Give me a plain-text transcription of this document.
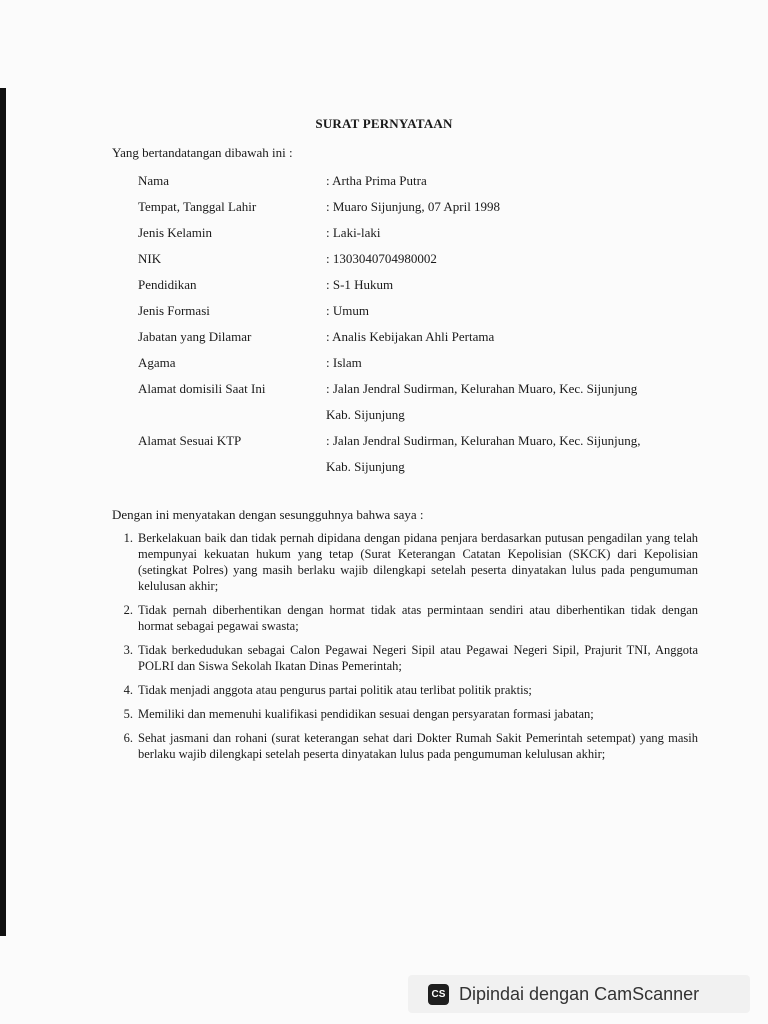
SURAT PERNYATAAN
Yang bertandatangan dibawah ini :
Nama	: Artha Prima Putra
Tempat, Tanggal Lahir	: Muaro Sijunjung, 07 April 1998
Jenis Kelamin	: Laki-laki
NIK	: 1303040704980002
Pendidikan	: S-1 Hukum
Jenis Formasi	: Umum
Jabatan yang Dilamar	: Analis Kebijakan Ahli Pertama
Agama	: Islam
Alamat domisili Saat Ini	: Jalan Jendral Sudirman, Kelurahan Muaro, Kec. Sijunjung
Kab. Sijunjung
Alamat Sesuai KTP	: Jalan Jendral Sudirman, Kelurahan Muaro, Kec. Sijunjung,
Kab. Sijunjung
Dengan ini menyatakan dengan sesungguhnya bahwa saya :
1. Berkelakuan baik dan tidak pernah dipidana dengan pidana penjara berdasarkan putusan pengadilan yang telah mempunyai kekuatan hukum yang tetap (Surat Keterangan Catatan Kepolisian (SKCK) dari Kepolisian (setingkat Polres) yang masih berlaku wajib dilengkapi setelah peserta dinyatakan lulus pada pengumuman kelulusan akhir;
2. Tidak pernah diberhentikan dengan hormat tidak atas permintaan sendiri atau diberhentikan tidak dengan hormat sebagai pegawai swasta;
3. Tidak berkedudukan sebagai Calon Pegawai Negeri Sipil atau Pegawai Negeri Sipil, Prajurit TNI, Anggota POLRI dan Siswa Sekolah Ikatan Dinas Pemerintah;
4. Tidak menjadi anggota atau pengurus partai politik atau terlibat politik praktis;
5. Memiliki dan memenuhi kualifikasi pendidikan sesuai dengan persyaratan formasi jabatan;
6. Sehat jasmani dan rohani (surat keterangan sehat dari Dokter Rumah Sakit Pemerintah setempat) yang masih berlaku wajib dilengkapi setelah peserta dinyatakan lulus pada pengumuman kelulusan akhir;
CS Dipindai dengan CamScanner
